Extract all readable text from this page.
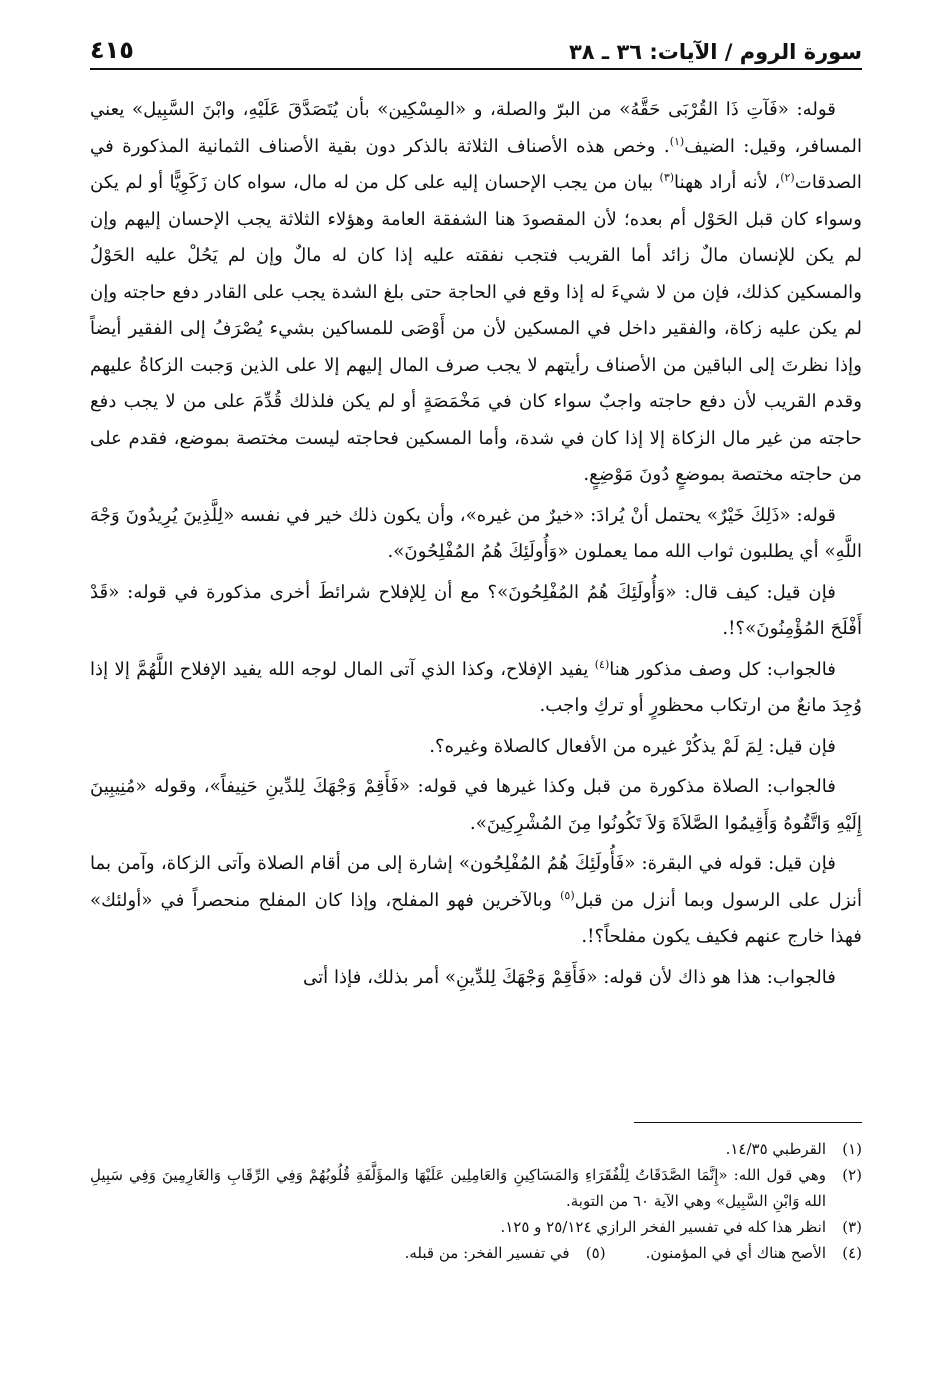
سورة الروم / الآيات: ٣٦ ـ ٣٨
٤١٥

قوله: «فَآتِ ذَا القُرْبَى حَقَّهُ» من البرّ والصلة، و «المِسْكِين» بأن يُتَصَدَّقَ عَلَيْهِ، وابْنَ السَّبِيل» يعني المسافر، وقيل: الضيف$^{(١)}$. وخص هذه الأصناف الثلاثة بالذكر دون بقية الأصناف الثمانية المذكورة في الصدقات$^{(٢)}$، لأنه أراد ههنا$^{(٣)}$ بيان من يجب الإحسان إليه على كل من له مال، سواه كان زَكَوِيًّا أو لم يكن وسواء كان قبل الحَوْل أم بعده؛ لأن المقصودَ هنا الشفقة العامة وهؤلاء الثلاثة يجب الإحسان إليهم وإن لم يكن للإنسان مالٌ زائد أما القريب فتجب نفقته عليه إذا كان له مالٌ وإن لم يَحُلْ عليه الحَوْلُ والمسكين كذلك، فإن من لا شيءَ له إذا وقع في الحاجة حتى بلغ الشدة يجب على القادر دفع حاجته وإن لم يكن عليه زكاة، والفقير داخل في المسكين لأن من أَوْصَى للمساكين بشيء يُصْرَفُ إلى الفقير أيضاً وإذا نظرتَ إلى الباقين من الأصناف رأيتهم لا يجب صرف المال إليهم إلا على الذين وَجبت الزكاةُ عليهم وقدم القريب لأن دفع حاجته واجبٌ سواء كان في مَخْمَصَةٍ أو لم يكن فلذلك قُدِّمَ على من لا يجب دفع حاجته من غير مال الزكاة إلا إذا كان في شدة، وأما المسكين فحاجته ليست مختصة بموضع، فقدم على من حاجته مختصة بموضعٍ دُونَ مَوْضِعٍ.

قوله: «ذَلِكَ خَيْرٌ» يحتمل أنْ يُرادَ: «خيرٌ من غيره»، وأن يكون ذلك خير في نفسه «لِلَّذِينَ يُرِيدُونَ وَجْهَ اللَّهِ» أي يطلبون ثواب الله مما يعملون «وَأُولَئِكَ هُمُ المُفْلِحُونَ».

فإن قيل: كيف قال: «وَأُولَئِكَ هُمُ المُفْلِحُونَ»؟ مع أن لِلإفلاح شرائطَ أخرى مذكورة في قوله: «قَدْ أَفْلَحَ المُؤْمِنُونَ»؟!.

فالجواب: كل وصف مذكور هنا$^{(٤)}$ يفيد الإفلاح، وكذا الذي آتى المال لوجه الله يفيد الإفلاح اللَّهُمَّ إلا إذا وُجِدَ مانعٌ من ارتكاب محظورٍ أو تركِ واجب.

فإن قيل: لِمَ لَمْ يذكُرْ غيره من الأفعال كالصلاة وغيره؟.

فالجواب: الصلاة مذكورة من قبل وكذا غيرها في قوله: «فَأَقِمْ وَجْهَكَ لِلدِّينِ حَنِيفاً»، وقوله «مُنِيبِينَ إِلَيْهِ وَاتَّقُوهُ وَأَقِيمُوا الصَّلاَةَ وَلاَ تَكُونُوا مِنَ المُشْرِكِينَ».

فإن قيل: قوله في البقرة: «فَأُولَئِكَ هُمُ المُفْلِحُون» إشارة إلى من أقام الصلاة وآتى الزكاة، وآمن بما أنزل على الرسول وبما أنزل من قبل$^{(٥)}$ وبالآخرين فهو المفلح، وإذا كان المفلح منحصراً في «أولئك» فهذا خارج عنهم فكيف يكون مفلحاً؟!.

فالجواب: هذا هو ذاك لأن قوله: «فَأَقِمْ وَجْهَكَ لِلدِّينِ» أمر بذلك، فإذا أتى

(١)
القرطبي ١٤/٣٥.
(٢)
وهي قول الله: «إِنَّمَا الصَّدَقَاتُ لِلْفُقَرَاءِ وَالمَسَاكِينِ وَالعَامِلِين عَلَيْهَا وَالمؤَلَّفَةِ قُلُوبُهُمْ وَفِي الرِّقَابِ وَالغَارِمِينَ وَفِي سَبِيلِ الله وَابْنِ السَّبِيل» وهي الآية ٦٠ من التوبة.
(٣)
انظر هذا كله في تفسير الفخر الرازي ٢٥/١٢٤ و ١٢٥.
(٤)
الأصح هناك أي في المؤمنون.
(٥)
في تفسير الفخر: من قبله.
